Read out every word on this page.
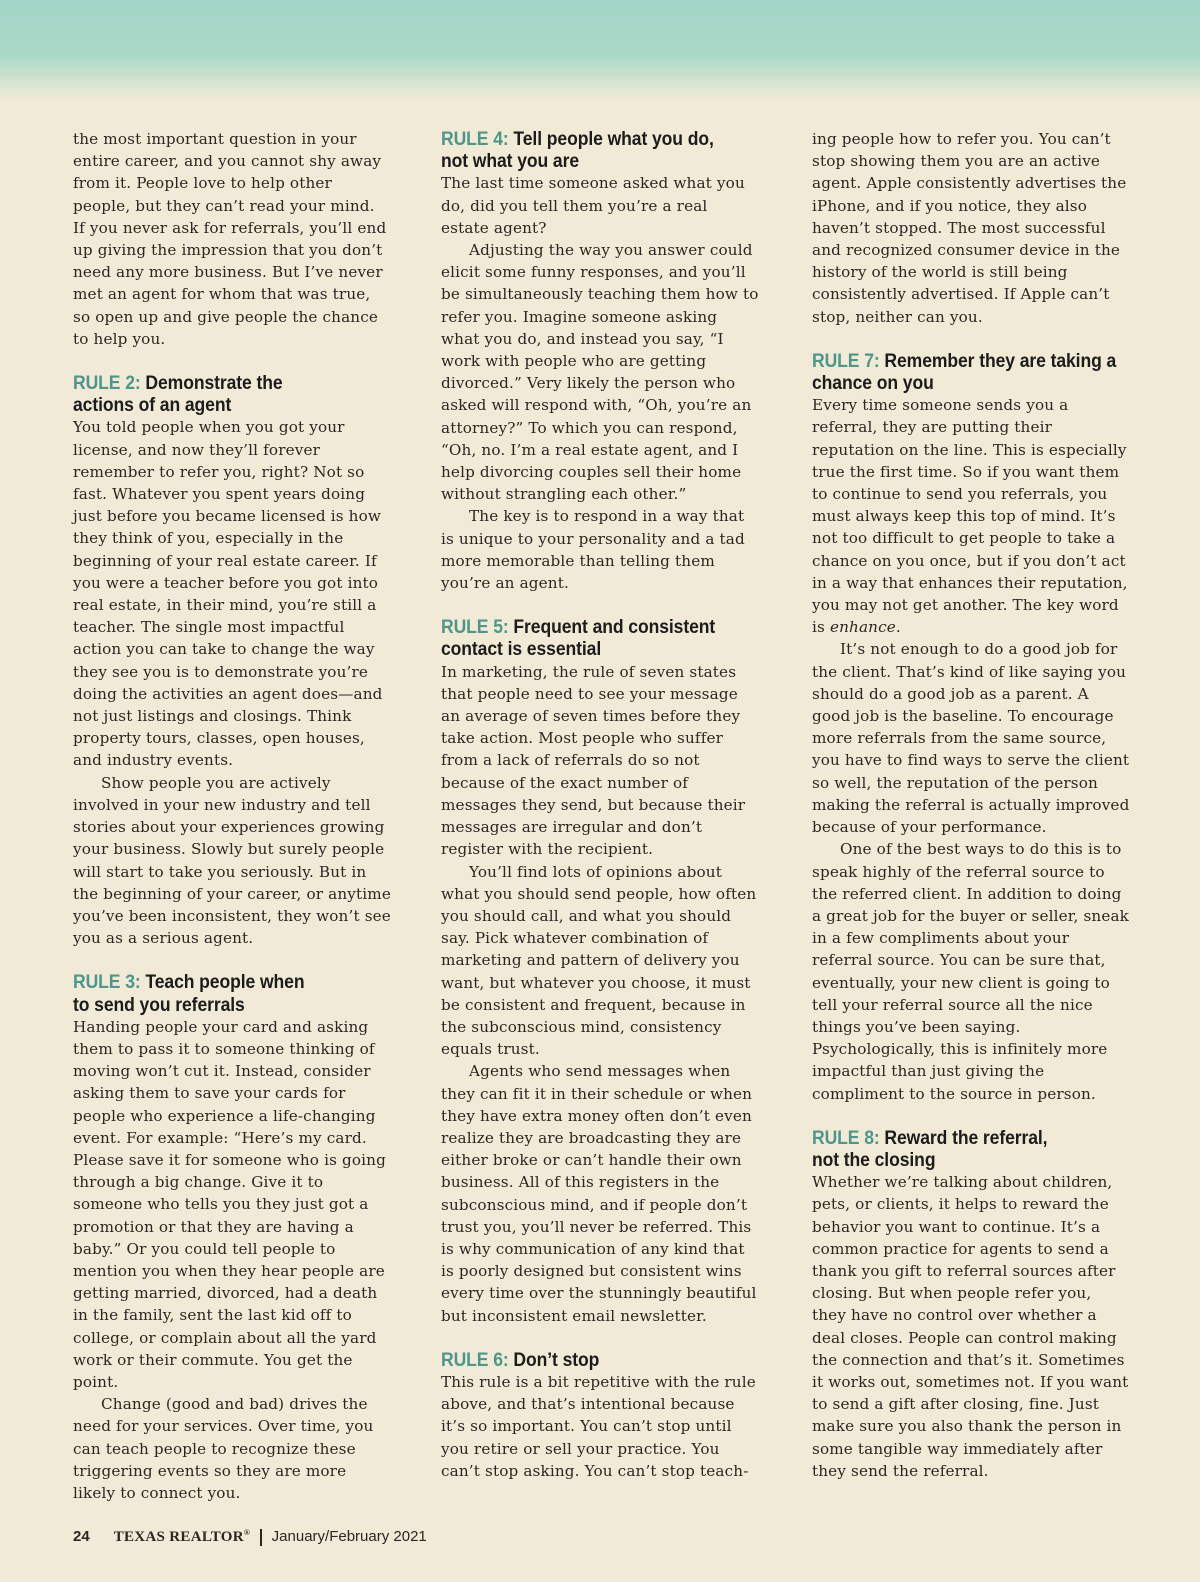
the most important question in your entire career, and you cannot shy away from it. People love to help other people, but they can’t read your mind. If you never ask for referrals, you’ll end up giving the impression that you don’t need any more business. But I’ve never met an agent for whom that was true, so open up and give people the chance to help you.

RULE 2: Demonstrate the
actions of an agent

You told people when you got your license, and now they’ll forever remember to refer you, right? Not so fast. Whatever you spent years doing just before you became licensed is how they think of you, especially in the beginning of your real estate career. If you were a teacher before you got into real estate, in their mind, you’re still a teacher. The single most impactful action you can take to change the way they see you is to demonstrate you’re doing the activities an agent does—and not just listings and closings. Think property tours, classes, open houses, and industry events.

Show people you are actively involved in your new industry and tell stories about your experiences growing your business. Slowly but surely people will start to take you seriously. But in the beginning of your career, or anytime you’ve been inconsistent, they won’t see you as a serious agent.

RULE 3: Teach people when
to send you referrals

Handing people your card and asking them to pass it to someone thinking of moving won’t cut it. Instead, consider asking them to save your cards for people who experience a life-changing event. For example: “Here’s my card. Please save it for someone who is going through a big change. Give it to someone who tells you they just got a promotion or that they are having a baby.” Or you could tell people to mention you when they hear people are getting married, divorced, had a death in the family, sent the last kid off to college, or complain about all the yard work or their commute. You get the point.

Change (good and bad) drives the need for your services. Over time, you can teach people to recognize these triggering events so they are more likely to connect you.

RULE 4: Tell people what you do,
not what you are

The last time someone asked what you do, did you tell them you’re a real estate agent?

Adjusting the way you answer could elicit some funny responses, and you’ll be simultaneously teaching them how to refer you. Imagine someone asking what you do, and instead you say, “I work with people who are getting divorced.” Very likely the person who asked will respond with, “Oh, you’re an attorney?” To which you can respond, “Oh, no. I’m a real estate agent, and I help divorcing couples sell their home without strangling each other.”

The key is to respond in a way that is unique to your personality and a tad more memorable than telling them you’re an agent.

RULE 5: Frequent and consistent
contact is essential

In marketing, the rule of seven states that people need to see your message an average of seven times before they take action. Most people who suffer from a lack of referrals do so not because of the exact number of messages they send, but because their messages are irregular and don’t register with the recipient.

You’ll find lots of opinions about what you should send people, how often you should call, and what you should say. Pick whatever combination of marketing and pattern of delivery you want, but whatever you choose, it must be consistent and frequent, because in the subconscious mind, consistency equals trust.

Agents who send messages when they can fit it in their schedule or when they have extra money often don’t even realize they are broadcasting they are either broke or can’t handle their own business. All of this registers in the subconscious mind, and if people don’t trust you, you’ll never be referred. This is why communication of any kind that is poorly designed but consistent wins every time over the stunningly beautiful but inconsistent email newsletter.

RULE 6: Don’t stop

This rule is a bit repetitive with the rule above, and that’s intentional because it’s so important. You can’t stop until you retire or sell your practice. You can’t stop asking. You can’t stop teach-

ing people how to refer you. You can’t stop showing them you are an active agent. Apple consistently advertises the iPhone, and if you notice, they also haven’t stopped. The most successful and recognized consumer device in the history of the world is still being consistently advertised. If Apple can’t stop, neither can you.

RULE 7: Remember they are taking a
chance on you

Every time someone sends you a referral, they are putting their reputation on the line. This is especially true the first time. So if you want them to continue to send you referrals, you must always keep this top of mind. It’s not too difficult to get people to take a chance on you once, but if you don’t act in a way that enhances their reputation, you may not get another. The key word is enhance.

It’s not enough to do a good job for the client. That’s kind of like saying you should do a good job as a parent. A good job is the baseline. To encourage more referrals from the same source, you have to find ways to serve the client so well, the reputation of the person making the referral is actually improved because of your performance.

One of the best ways to do this is to speak highly of the referral source to the referred client. In addition to doing a great job for the buyer or seller, sneak in a few compliments about your referral source. You can be sure that, eventually, your new client is going to tell your referral source all the nice things you’ve been saying. Psychologically, this is infinitely more impactful than just giving the compliment to the source in person.

RULE 8: Reward the referral,
not the closing

Whether we’re talking about children, pets, or clients, it helps to reward the behavior you want to continue. It’s a common practice for agents to send a thank you gift to referral sources after closing. But when people refer you, they have no control over whether a deal closes. People can control making the connection and that’s it. Sometimes it works out, sometimes not. If you want to send a gift after closing, fine. Just make sure you also thank the person in some tangible way immediately after they send the referral.

24 TEXAS REALTOR® January/February 2021
